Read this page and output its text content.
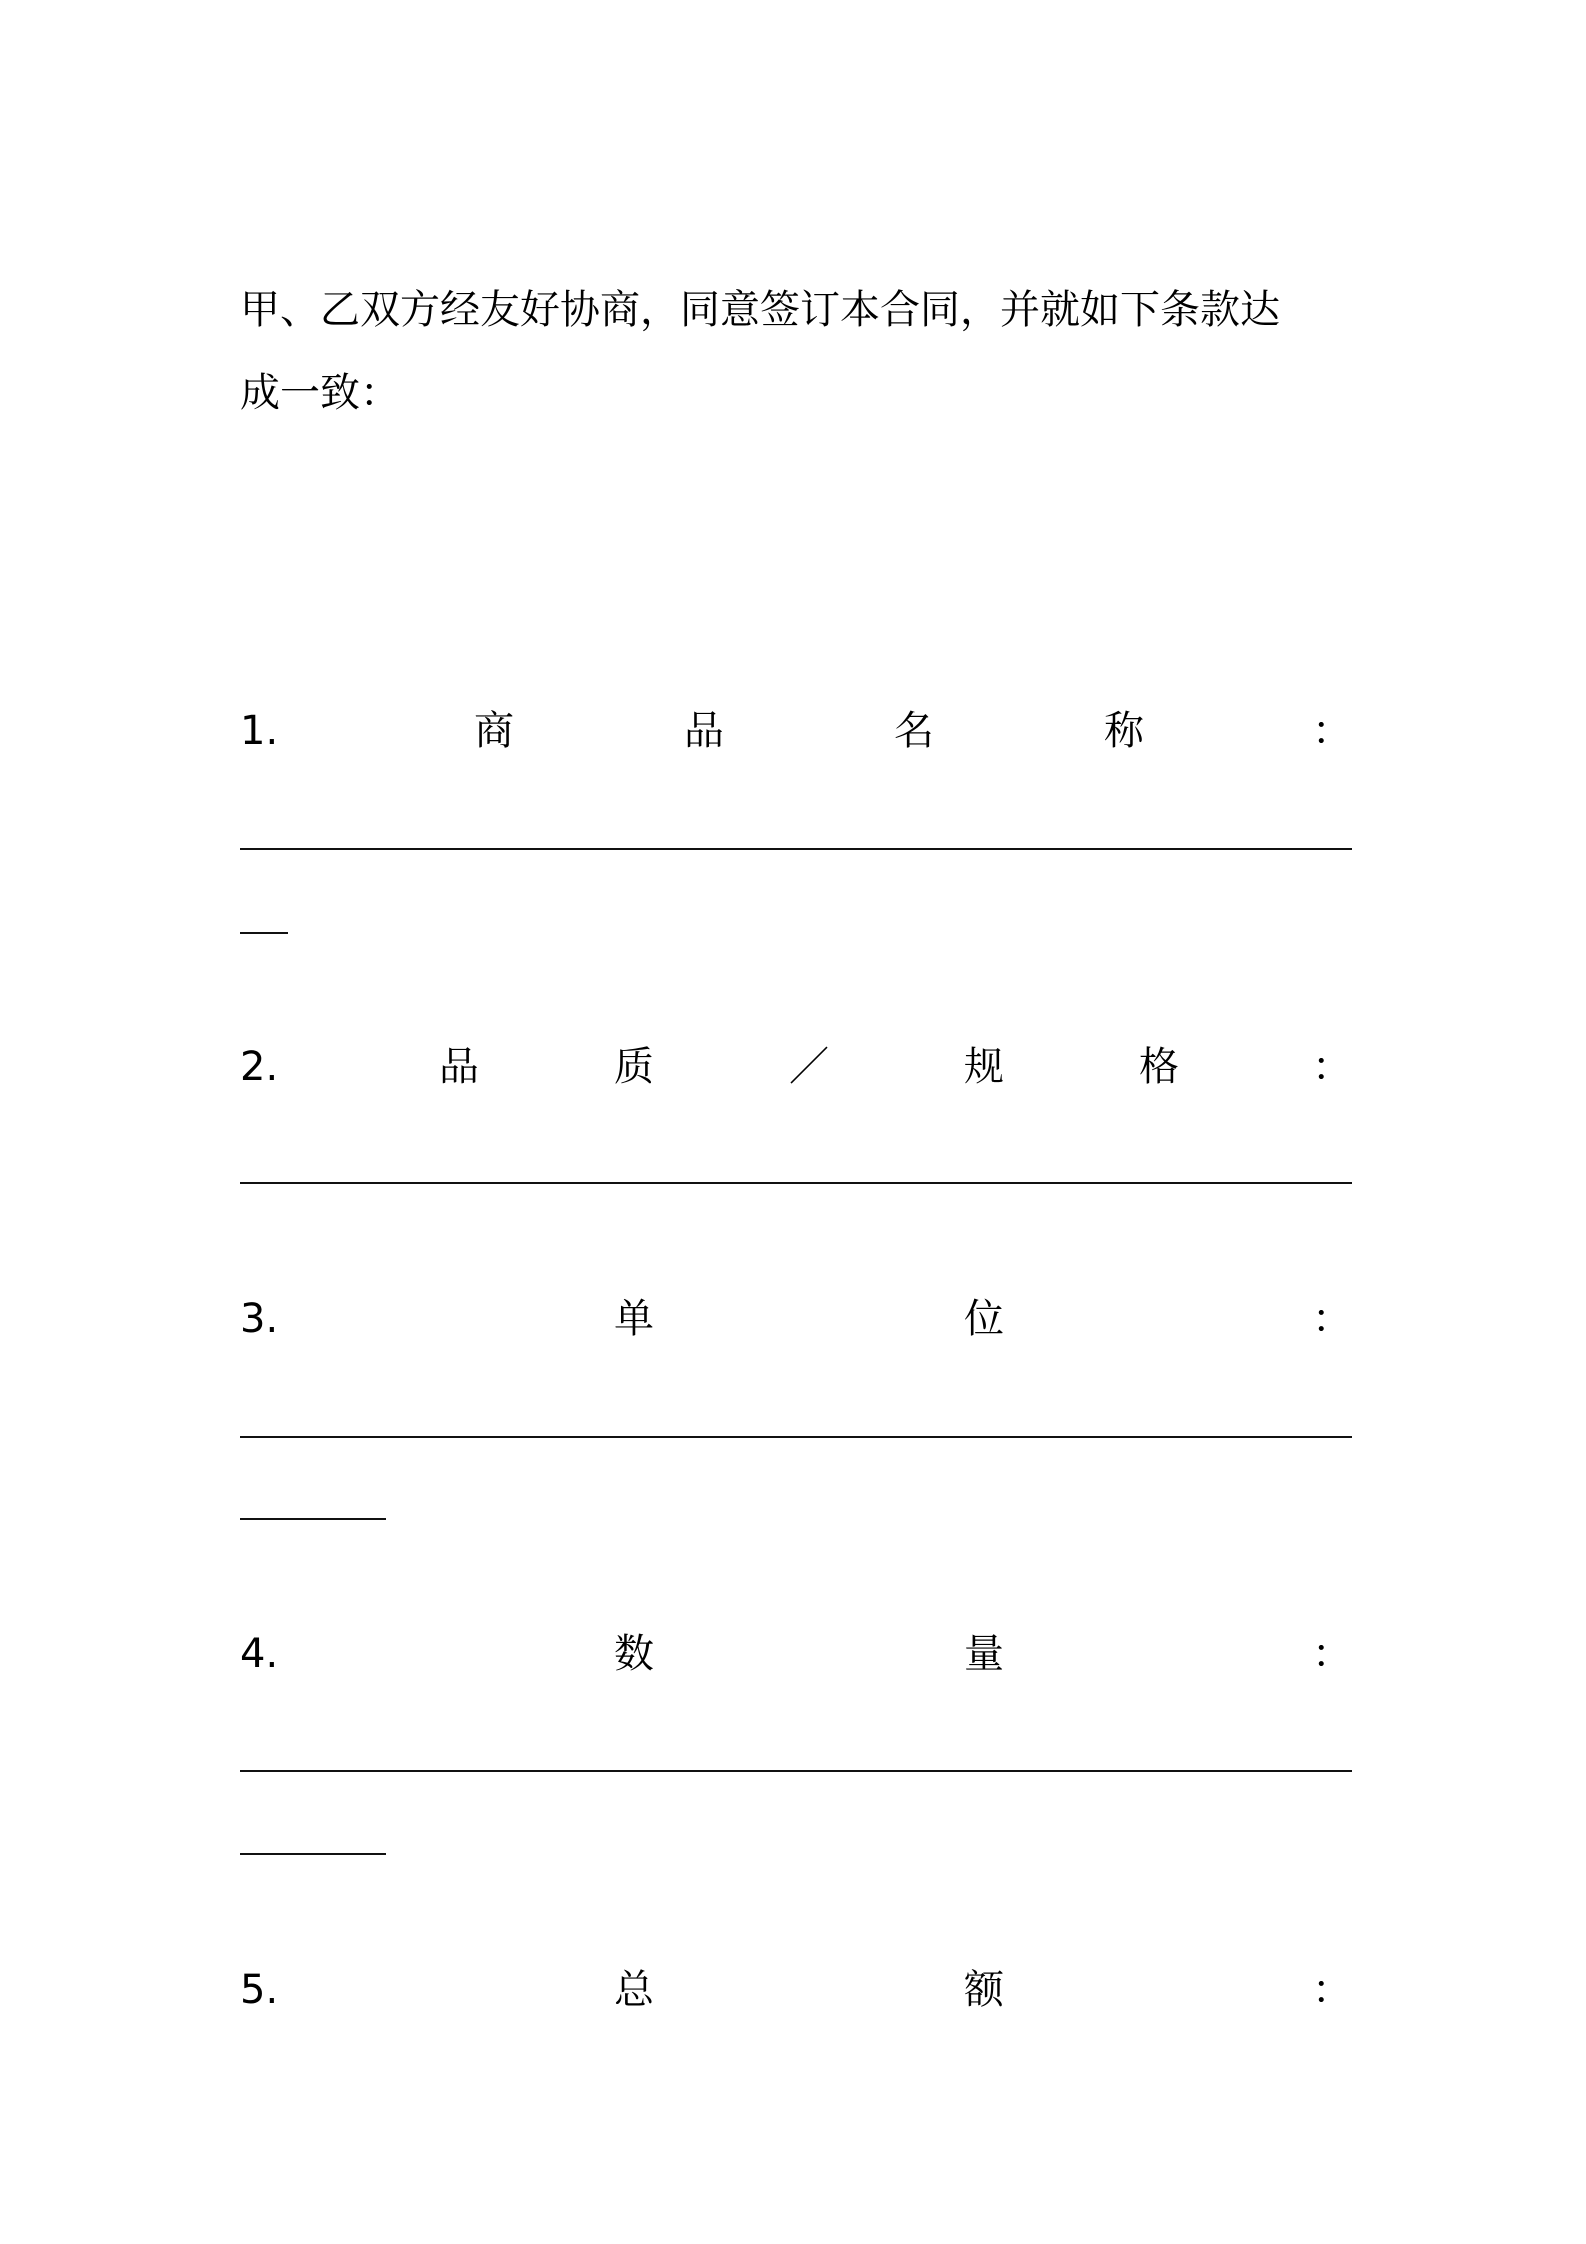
甲、乙双方经友好协商，同意签订本合同，并就如下条款达
成一致：
1.	商	品	名	称	：
2.	品	质	／	规	格	：
3.	单	位	：
4.	数	量	：
5.	总	额	：
